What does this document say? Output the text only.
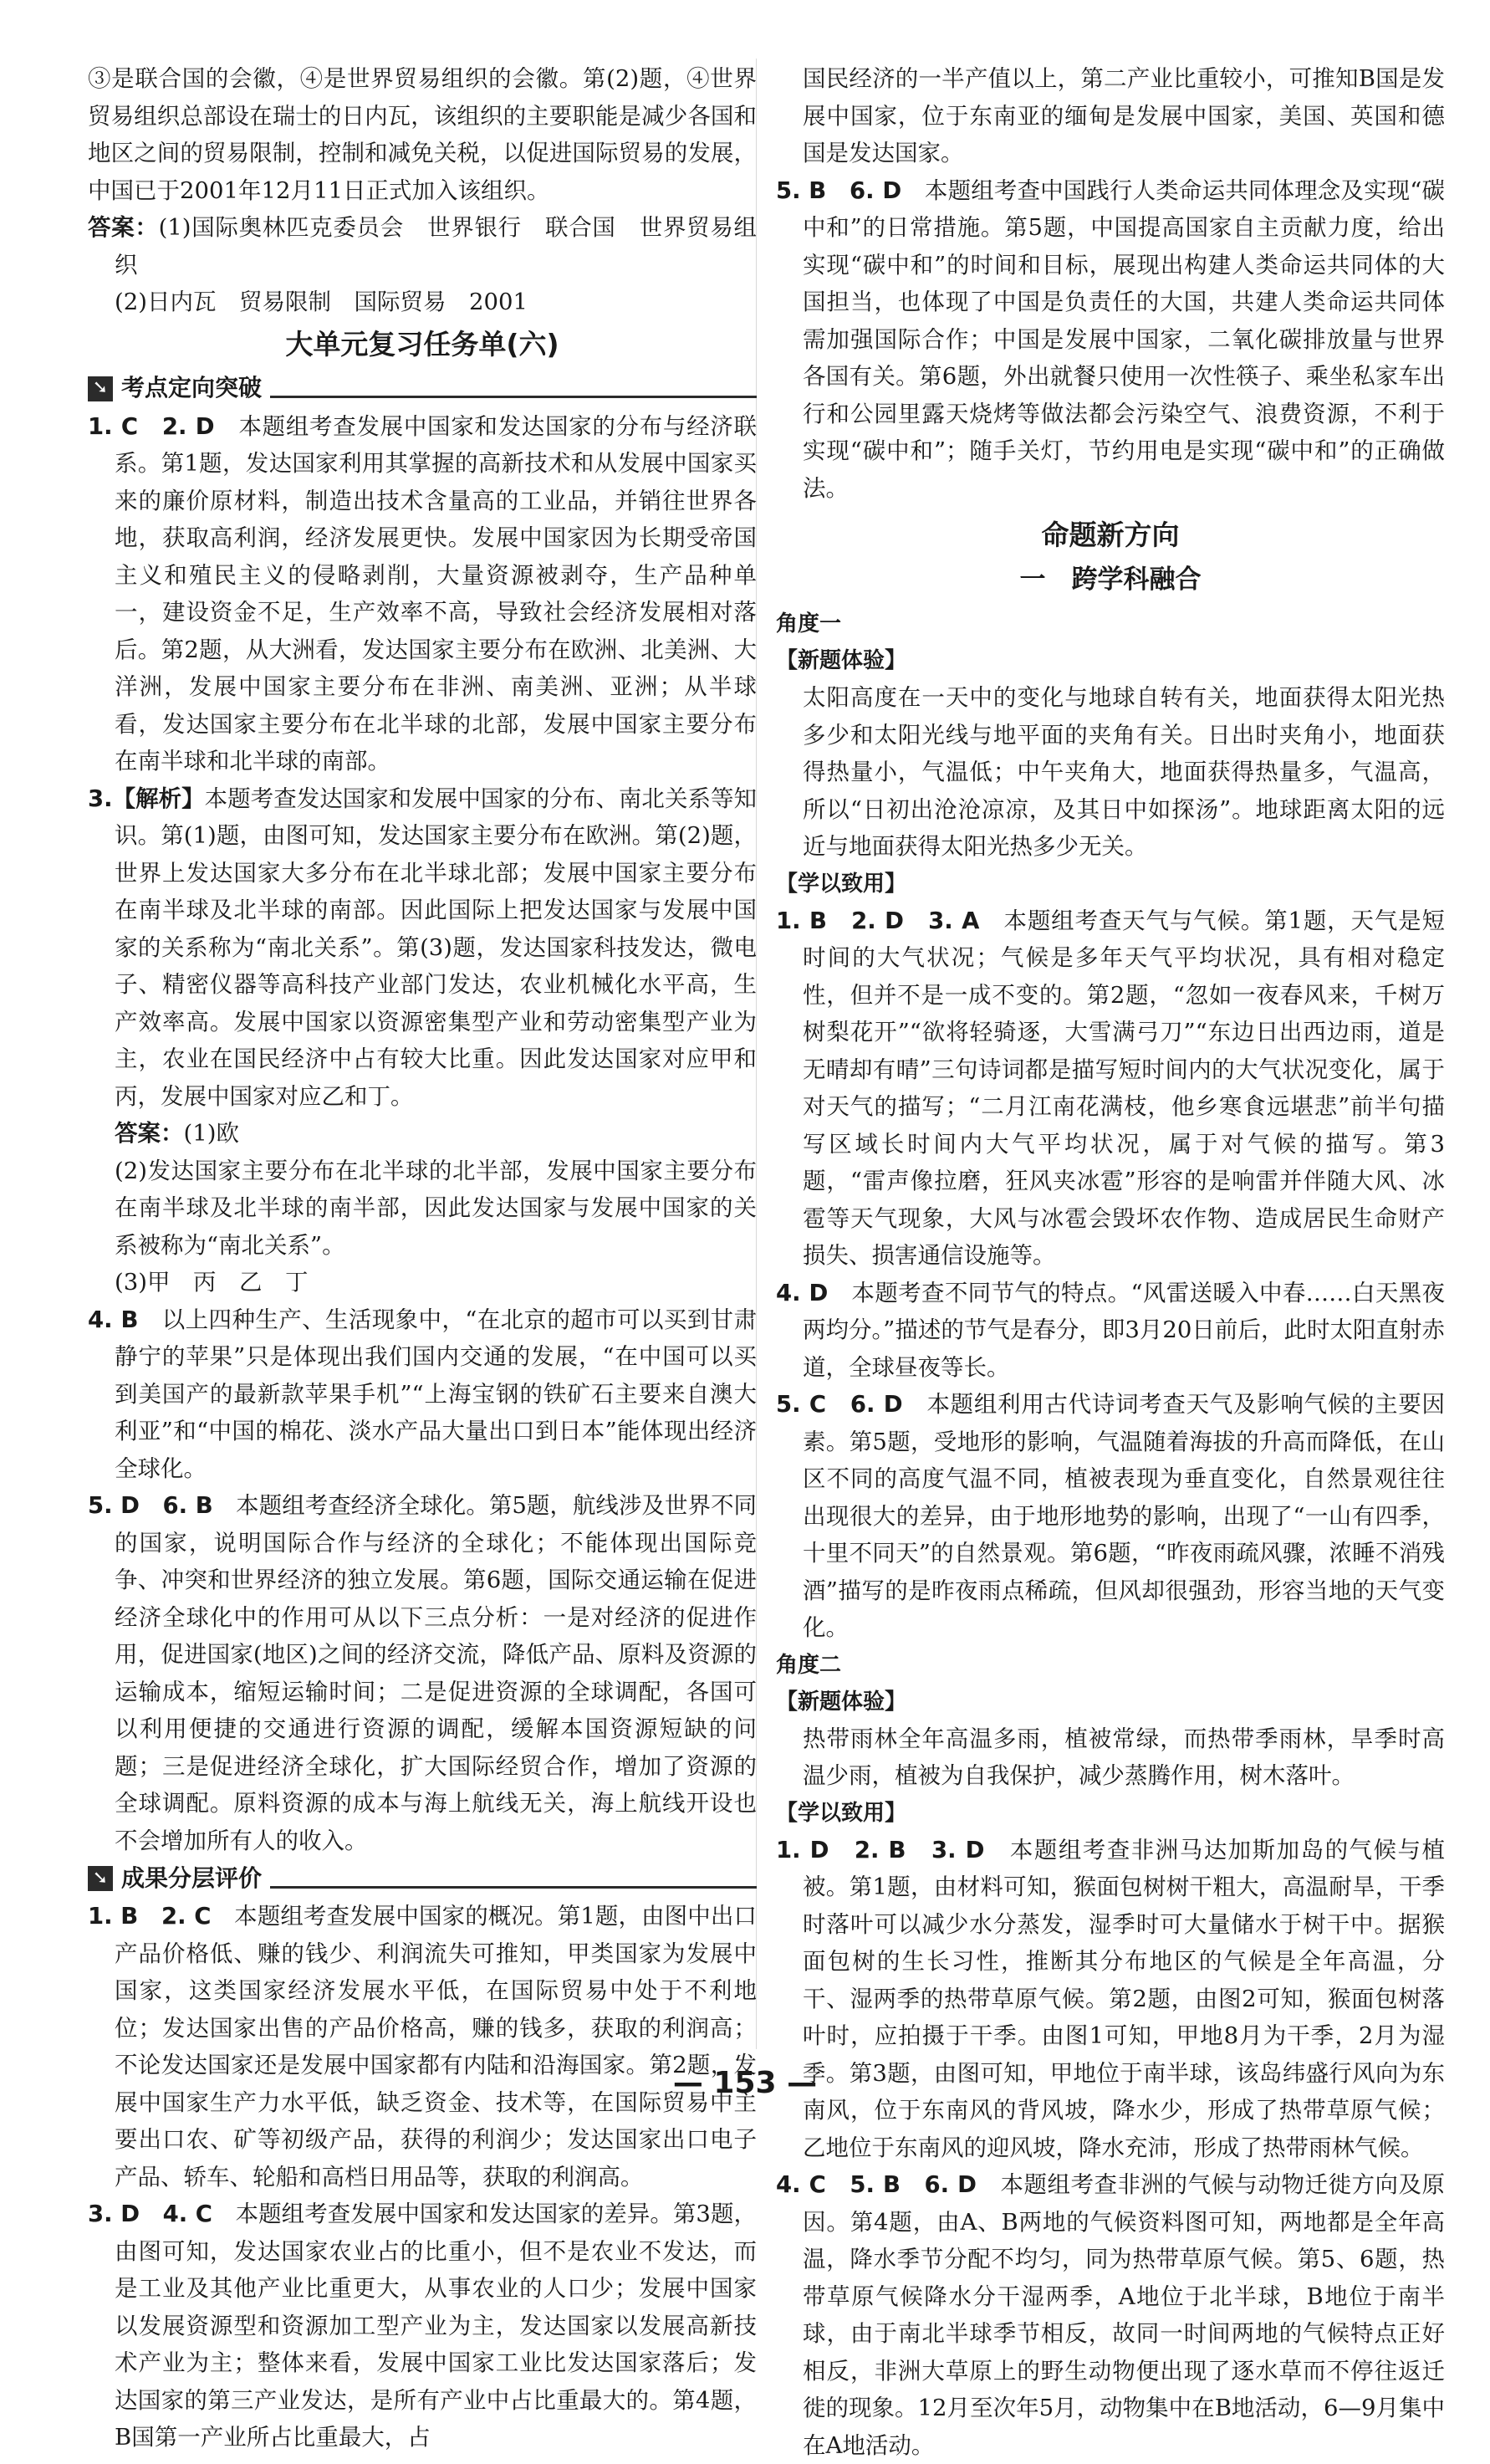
③是联合国的会徽，④是世界贸易组织的会徽。第(2)题，④世界贸易组织总部设在瑞士的日内瓦，该组织的主要职能是减少各国和地区之间的贸易限制，控制和减免关税，以促进国际贸易的发展，中国已于2001年12月11日正式加入该组织。

答案：(1)国际奥林匹克委员会　世界银行　联合国　世界贸易组织

(2)日内瓦　贸易限制　国际贸易　2001

大单元复习任务单(六)
➘ 考点定向突破

1. C　2. D　本题组考查发展中国家和发达国家的分布与经济联系。第1题，发达国家利用其掌握的高新技术和从发展中国家买来的廉价原材料，制造出技术含量高的工业品，并销往世界各地，获取高利润，经济发展更快。发展中国家因为长期受帝国主义和殖民主义的侵略剥削，大量资源被剥夺，生产品种单一，建设资金不足，生产效率不高，导致社会经济发展相对落后。第2题，从大洲看，发达国家主要分布在欧洲、北美洲、大洋洲，发展中国家主要分布在非洲、南美洲、亚洲；从半球看，发达国家主要分布在北半球的北部，发展中国家主要分布在南半球和北半球的南部。

3.【解析】本题考查发达国家和发展中国家的分布、南北关系等知识。第(1)题，由图可知，发达国家主要分布在欧洲。第(2)题，世界上发达国家大多分布在北半球北部；发展中国家主要分布在南半球及北半球的南部。因此国际上把发达国家与发展中国家的关系称为“南北关系”。第(3)题，发达国家科技发达，微电子、精密仪器等高科技产业部门发达，农业机械化水平高，生产效率高。发展中国家以资源密集型产业和劳动密集型产业为主，农业在国民经济中占有较大比重。因此发达国家对应甲和丙，发展中国家对应乙和丁。

答案：(1)欧

(2)发达国家主要分布在北半球的北半部，发展中国家主要分布在南半球及北半球的南半部，因此发达国家与发展中国家的关系被称为“南北关系”。

(3)甲　丙　乙　丁

4. B　以上四种生产、生活现象中，“在北京的超市可以买到甘肃静宁的苹果”只是体现出我们国内交通的发展，“在中国可以买到美国产的最新款苹果手机”“上海宝钢的铁矿石主要来自澳大利亚”和“中国的棉花、淡水产品大量出口到日本”能体现出经济全球化。

5. D　6. B　本题组考查经济全球化。第5题，航线涉及世界不同的国家，说明国际合作与经济的全球化；不能体现出国际竞争、冲突和世界经济的独立发展。第6题，国际交通运输在促进经济全球化中的作用可从以下三点分析：一是对经济的促进作用，促进国家(地区)之间的经济交流，降低产品、原料及资源的运输成本，缩短运输时间；二是促进资源的全球调配，各国可以利用便捷的交通进行资源的调配，缓解本国资源短缺的问题；三是促进经济全球化，扩大国际经贸合作，增加了资源的全球调配。原料资源的成本与海上航线无关，海上航线开设也不会增加所有人的收入。

➘ 成果分层评价

1. B　2. C　本题组考查发展中国家的概况。第1题，由图中出口产品价格低、赚的钱少、利润流失可推知，甲类国家为发展中国家，这类国家经济发展水平低，在国际贸易中处于不利地位；发达国家出售的产品价格高，赚的钱多，获取的利润高；不论发达国家还是发展中国家都有内陆和沿海国家。第2题，发展中国家生产力水平低，缺乏资金、技术等，在国际贸易中主要出口农、矿等初级产品，获得的利润少；发达国家出口电子产品、轿车、轮船和高档日用品等，获取的利润高。

3. D　4. C　本题组考查发展中国家和发达国家的差异。第3题，由图可知，发达国家农业占的比重小，但不是农业不发达，而是工业及其他产业比重更大，从事农业的人口少；发展中国家以发展资源型和资源加工型产业为主，发达国家以发展高新技术产业为主；整体来看，发展中国家工业比发达国家落后；发达国家的第三产业发达，是所有产业中占比重最大的。第4题，B国第一产业所占比重最大，占

国民经济的一半产值以上，第二产业比重较小，可推知B国是发展中国家，位于东南亚的缅甸是发展中国家，美国、英国和德国是发达国家。

5. B　6. D　本题组考查中国践行人类命运共同体理念及实现“碳中和”的日常措施。第5题，中国提高国家自主贡献力度，给出实现“碳中和”的时间和目标，展现出构建人类命运共同体的大国担当，也体现了中国是负责任的大国，共建人类命运共同体需加强国际合作；中国是发展中国家，二氧化碳排放量与世界各国有关。第6题，外出就餐只使用一次性筷子、乘坐私家车出行和公园里露天烧烤等做法都会污染空气、浪费资源，不利于实现“碳中和”；随手关灯，节约用电是实现“碳中和”的正确做法。

命题新方向
一　跨学科融合
角度一
【新题体验】

太阳高度在一天中的变化与地球自转有关，地面获得太阳光热多少和太阳光线与地平面的夹角有关。日出时夹角小，地面获得热量小，气温低；中午夹角大，地面获得热量多，气温高，所以“日初出沧沧凉凉，及其日中如探汤”。地球距离太阳的远近与地面获得太阳光热多少无关。

【学以致用】

1. B　2. D　3. A　本题组考查天气与气候。第1题，天气是短时间的大气状况；气候是多年天气平均状况，具有相对稳定性，但并不是一成不变的。第2题，“忽如一夜春风来，千树万树梨花开”“欲将轻骑逐，大雪满弓刀”“东边日出西边雨，道是无晴却有晴”三句诗词都是描写短时间内的大气状况变化，属于对天气的描写；“二月江南花满枝，他乡寒食远堪悲”前半句描写区域长时间内大气平均状况，属于对气候的描写。第3题，“雷声像拉磨，狂风夹冰雹”形容的是响雷并伴随大风、冰雹等天气现象，大风与冰雹会毁坏农作物、造成居民生命财产损失、损害通信设施等。

4. D　本题考查不同节气的特点。“风雷送暖入中春……白天黑夜两均分。”描述的节气是春分，即3月20日前后，此时太阳直射赤道，全球昼夜等长。

5. C　6. D　本题组利用古代诗词考查天气及影响气候的主要因素。第5题，受地形的影响，气温随着海拔的升高而降低，在山区不同的高度气温不同，植被表现为垂直变化，自然景观往往出现很大的差异，由于地形地势的影响，出现了“一山有四季，十里不同天”的自然景观。第6题，“昨夜雨疏风骤，浓睡不消残酒”描写的是昨夜雨点稀疏，但风却很强劲，形容当地的天气变化。

角度二
【新题体验】

热带雨林全年高温多雨，植被常绿，而热带季雨林，旱季时高温少雨，植被为自我保护，减少蒸腾作用，树木落叶。

【学以致用】

1. D　2. B　3. D　本题组考查非洲马达加斯加岛的气候与植被。第1题，由材料可知，猴面包树树干粗大，高温耐旱，干季时落叶可以减少水分蒸发，湿季时可大量储水于树干中。据猴面包树的生长习性，推断其分布地区的气候是全年高温，分干、湿两季的热带草原气候。第2题，由图2可知，猴面包树落叶时，应拍摄于干季。由图1可知，甲地8月为干季，2月为湿季。第3题，由图可知，甲地位于南半球，该岛纬盛行风向为东南风，位于东南风的背风坡，降水少，形成了热带草原气候；乙地位于东南风的迎风坡，降水充沛，形成了热带雨林气候。

4. C　5. B　6. D　本题组考查非洲的气候与动物迁徙方向及原因。第4题，由A、B两地的气候资料图可知，两地都是全年高温，降水季节分配不均匀，同为热带草原气候。第5、6题，热带草原气候降水分干湿两季，A地位于北半球，B地位于南半球，由于南北半球季节相反，故同一时间两地的气候特点正好相反，非洲大草原上的野生动物便出现了逐水草而不停往返迁徙的现象。12月至次年5月，动物集中在B地活动，6—9月集中在A地活动。

— 153 —
